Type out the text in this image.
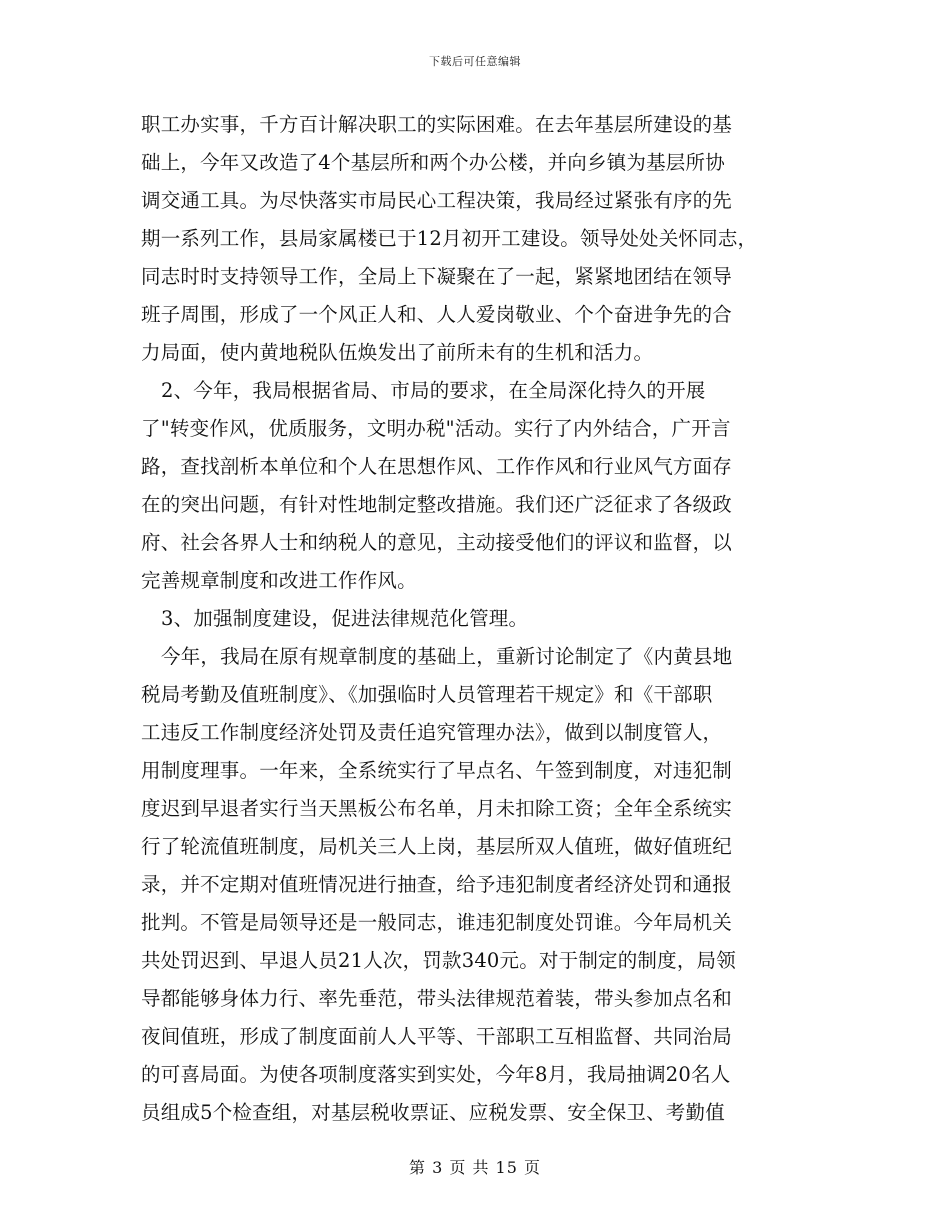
下载后可任意编辑
职工办实事，千方百计解决职工的实际困难。在去年基层所建设的基
础上，今年又改造了4个基层所和两个办公楼，并向乡镇为基层所协
调交通工具。为尽快落实市局民心工程决策，我局经过紧张有序的先
期一系列工作，县局家属楼已于12月初开工建设。领导处处关怀同志，
同志时时支持领导工作，全局上下凝聚在了一起，紧紧地团结在领导
班子周围，形成了一个风正人和、人人爱岗敬业、个个奋进争先的合
力局面，使内黄地税队伍焕发出了前所未有的生机和活力。
2、今年，我局根据省局、市局的要求，在全局深化持久的开展
了"转变作风，优质服务，文明办税"活动。实行了内外结合，广开言
路，查找剖析本单位和个人在思想作风、工作作风和行业风气方面存
在的突出问题，有针对性地制定整改措施。我们还广泛征求了各级政
府、社会各界人士和纳税人的意见，主动接受他们的评议和监督，以
完善规章制度和改进工作作风。
3、加强制度建设，促进法律规范化管理。
今年，我局在原有规章制度的基础上，重新讨论制定了《内黄县地
税局考勤及值班制度》、《加强临时人员管理若干规定》和《干部职
工违反工作制度经济处罚及责任追究管理办法》，做到以制度管人，
用制度理事。一年来，全系统实行了早点名、午签到制度，对违犯制
度迟到早退者实行当天黑板公布名单，月未扣除工资；全年全系统实
行了轮流值班制度，局机关三人上岗，基层所双人值班，做好值班纪
录，并不定期对值班情况进行抽查，给予违犯制度者经济处罚和通报
批判。不管是局领导还是一般同志，谁违犯制度处罚谁。今年局机关
共处罚迟到、早退人员21人次，罚款340元。对于制定的制度，局领
导都能够身体力行、率先垂范，带头法律规范着装，带头参加点名和
夜间值班，形成了制度面前人人平等、干部职工互相监督、共同治局
的可喜局面。为使各项制度落实到实处，今年8月，我局抽调20名人
员组成5个检查组，对基层税收票证、应税发票、安全保卫、考勤值
第 3 页 共 15 页
